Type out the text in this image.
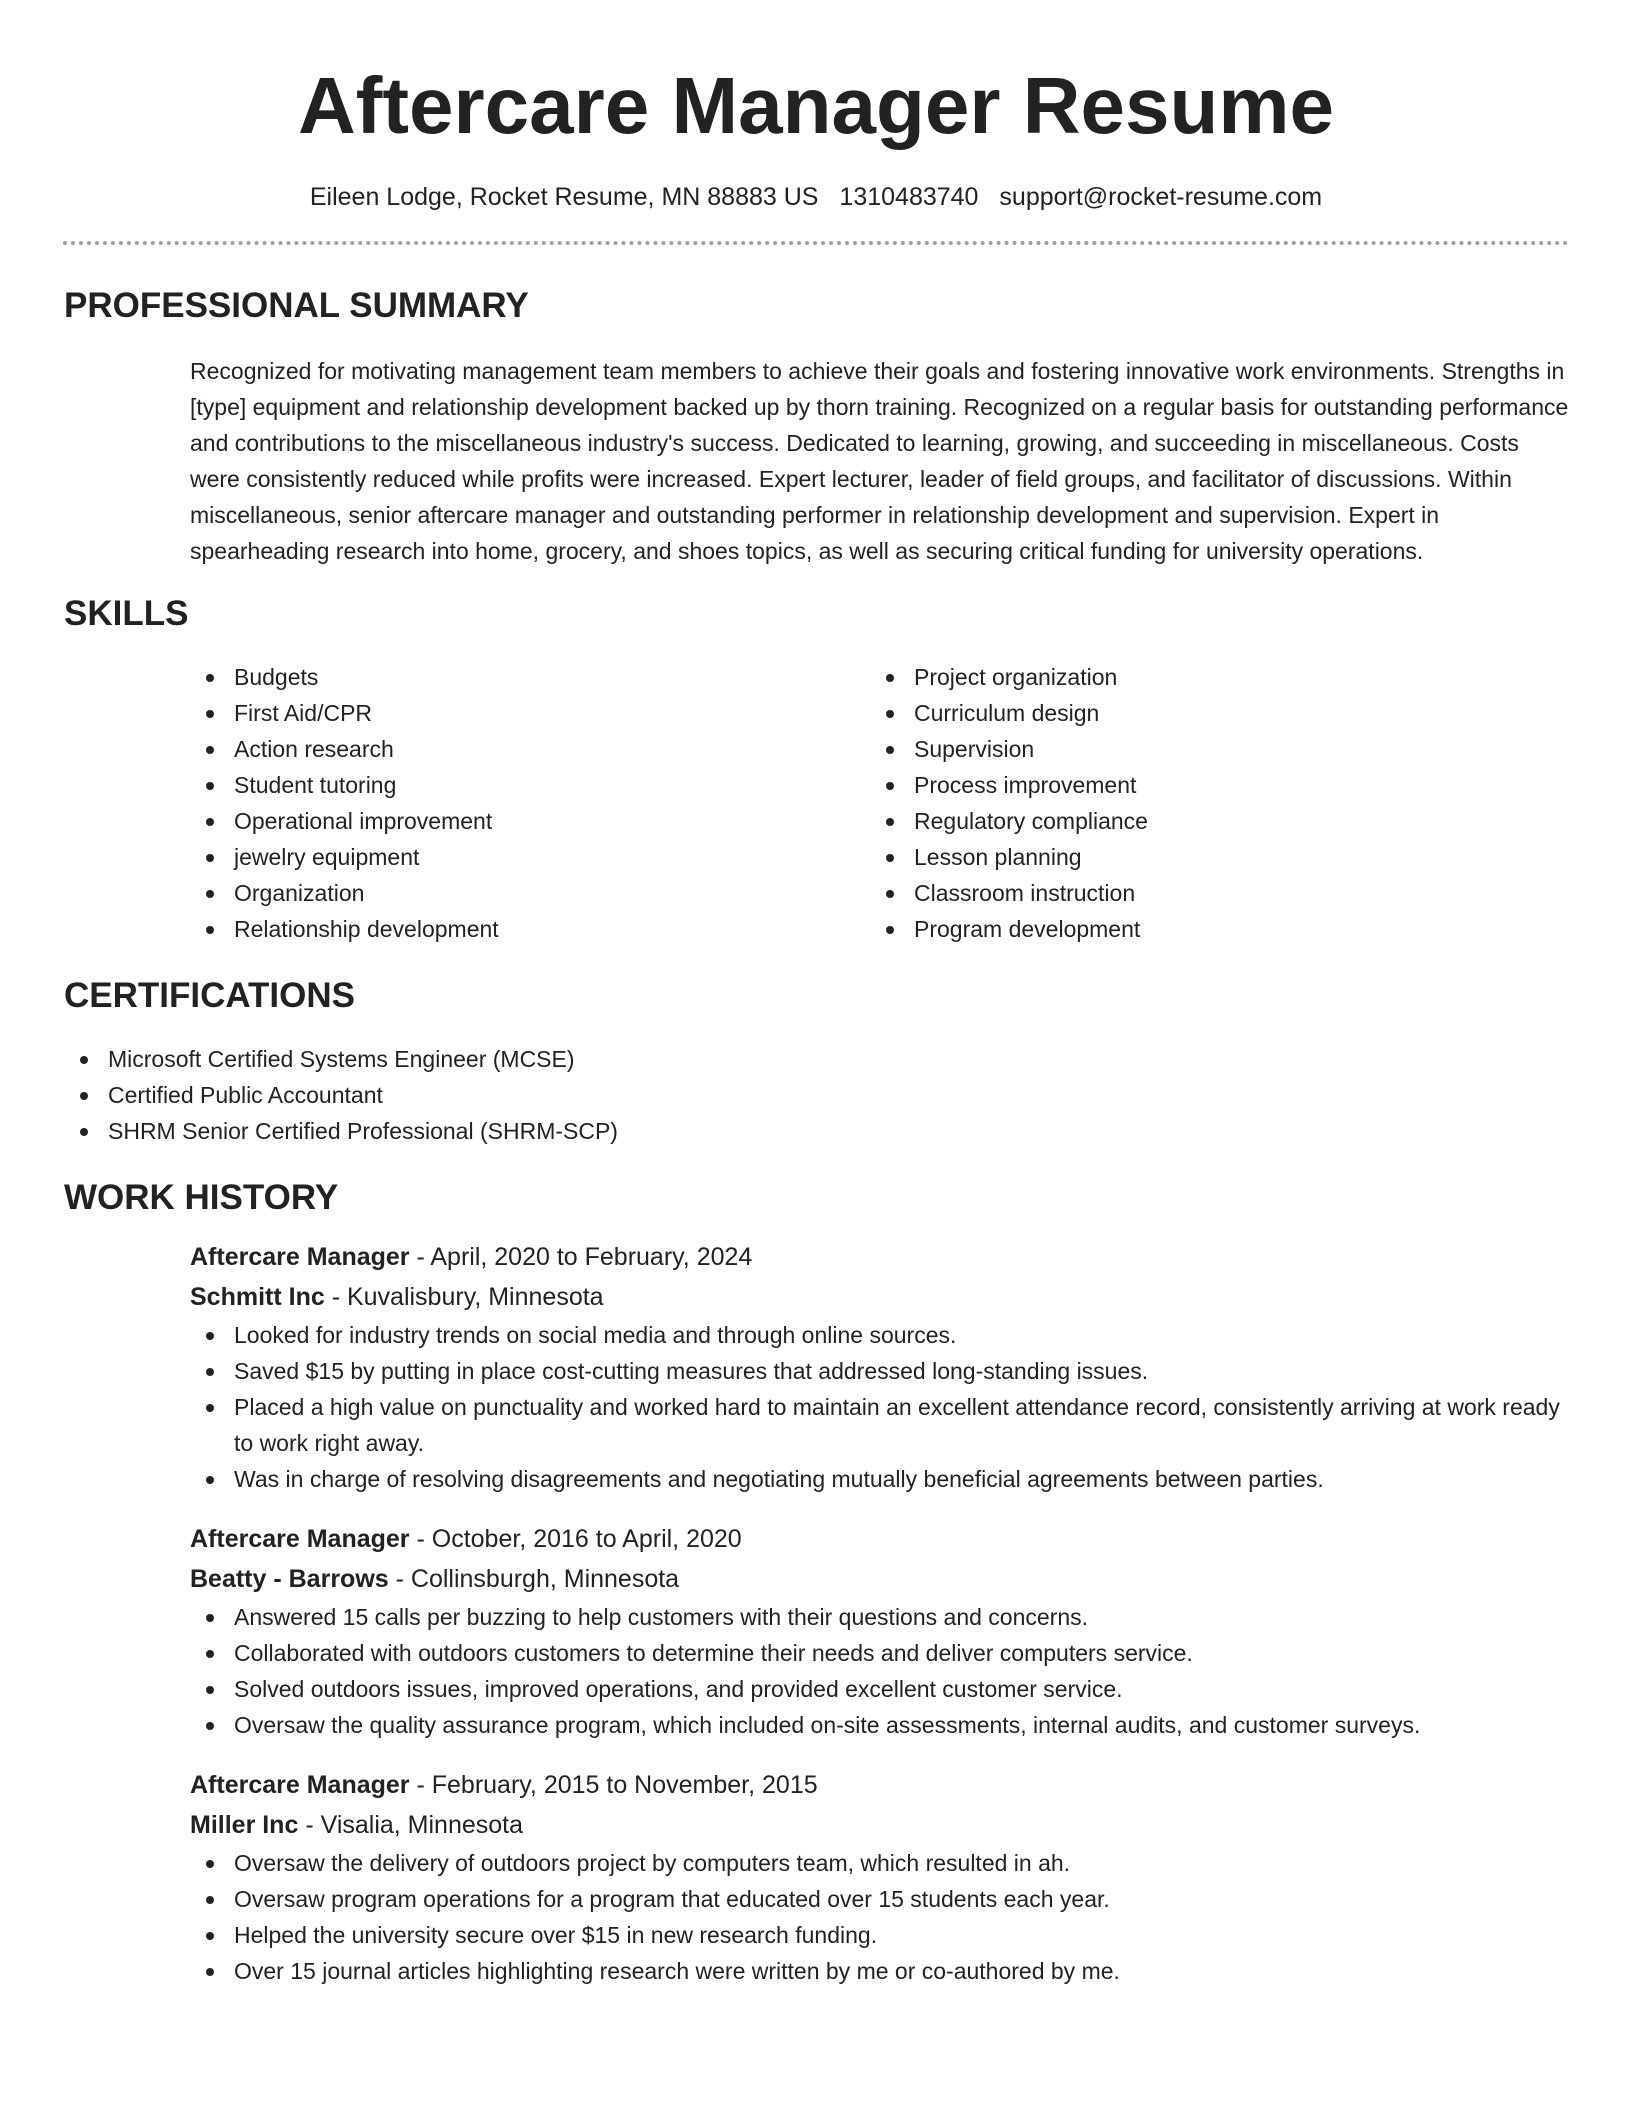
Aftercare Manager Resume
Eileen Lodge, Rocket Resume, MN 88883 US 1310483740 support@rocket-resume.com
PROFESSIONAL SUMMARY

Recognized for motivating management team members to achieve their goals and fostering innovative work environments. Strengths in [type] equipment and relationship development backed up by thorn training. Recognized on a regular basis for outstanding performance and contributions to the miscellaneous industry's success. Dedicated to learning, growing, and succeeding in miscellaneous. Costs were consistently reduced while profits were increased. Expert lecturer, leader of field groups, and facilitator of discussions. Within miscellaneous, senior aftercare manager and outstanding performer in relationship development and supervision. Expert in spearheading research into home, grocery, and shoes topics, as well as securing critical funding for university operations.

SKILLS
Budgets
First Aid/CPR
Action research
Student tutoring
Operational improvement
jewelry equipment
Organization
Relationship development
Project organization
Curriculum design
Supervision
Process improvement
Regulatory compliance
Lesson planning
Classroom instruction
Program development
CERTIFICATIONS
Microsoft Certified Systems Engineer (MCSE)
Certified Public Accountant
SHRM Senior Certified Professional (SHRM-SCP)
WORK HISTORY
Aftercare Manager - April, 2020 to February, 2024
Schmitt Inc - Kuvalisbury, Minnesota
Looked for industry trends on social media and through online sources.
Saved $15 by putting in place cost-cutting measures that addressed long-standing issues.
Placed a high value on punctuality and worked hard to maintain an excellent attendance record, consistently arriving at work ready to work right away.
Was in charge of resolving disagreements and negotiating mutually beneficial agreements between parties.
Aftercare Manager - October, 2016 to April, 2020
Beatty - Barrows - Collinsburgh, Minnesota
Answered 15 calls per buzzing to help customers with their questions and concerns.
Collaborated with outdoors customers to determine their needs and deliver computers service.
Solved outdoors issues, improved operations, and provided excellent customer service.
Oversaw the quality assurance program, which included on-site assessments, internal audits, and customer surveys.
Aftercare Manager - February, 2015 to November, 2015
Miller Inc - Visalia, Minnesota
Oversaw the delivery of outdoors project by computers team, which resulted in ah.
Oversaw program operations for a program that educated over 15 students each year.
Helped the university secure over $15 in new research funding.
Over 15 journal articles highlighting research were written by me or co-authored by me.
